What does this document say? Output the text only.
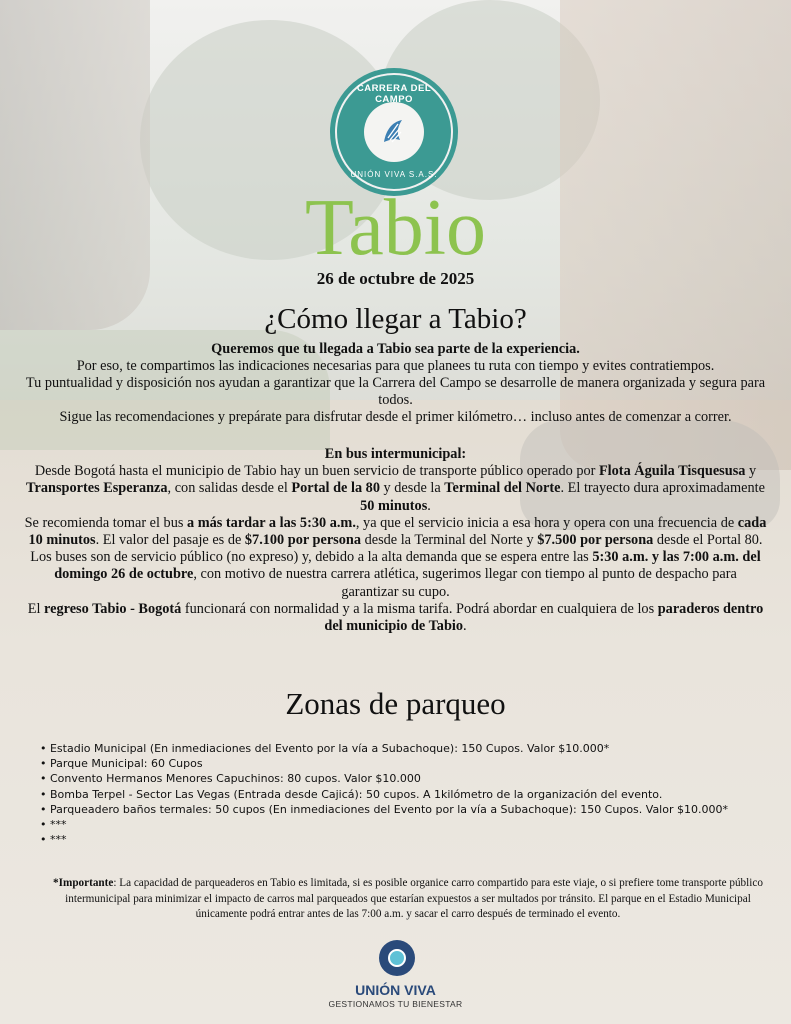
CARRERA DEL CAMPO
UNIÓN VIVA S.A.S.
Tabio
26 de octubre de 2025
¿Cómo llegar a Tabio?

Queremos que tu llegada a Tabio sea parte de la experiencia.

Por eso, te compartimos las indicaciones necesarias para que planees tu ruta con tiempo y evites contratiempos.

Tu puntualidad y disposición nos ayudan a garantizar que la Carrera del Campo se desarrolle de manera organizada y segura para todos.

Sigue las recomendaciones y prepárate para disfrutar desde el primer kilómetro… incluso antes de comenzar a correr.

En bus intermunicipal:

Desde Bogotá hasta el municipio de Tabio hay un buen servicio de transporte público operado por Flota Águila Tisquesusa y Transportes Esperanza, con salidas desde el Portal de la 80 y desde la Terminal del Norte. El trayecto dura aproximadamente 50 minutos.

Se recomienda tomar el bus a más tardar a las 5:30 a.m., ya que el servicio inicia a esa hora y opera con una frecuencia de cada 10 minutos. El valor del pasaje es de $7.100 por persona desde la Terminal del Norte y $7.500 por persona desde el Portal 80.

Los buses son de servicio público (no expreso) y, debido a la alta demanda que se espera entre las 5:30 a.m. y las 7:00 a.m. del domingo 26 de octubre, con motivo de nuestra carrera atlética, sugerimos llegar con tiempo al punto de despacho para garantizar su cupo.

El regreso Tabio - Bogotá funcionará con normalidad y a la misma tarifa. Podrá abordar en cualquiera de los paraderos dentro del municipio de Tabio.

Zonas de parqueo
• Estadio Municipal (En inmediaciones del Evento por la vía a Subachoque): 150 Cupos. Valor $10.000*
• Parque Municipal: 60 Cupos
• Convento Hermanos Menores Capuchinos: 80 cupos. Valor $10.000
• Bomba Terpel - Sector Las Vegas (Entrada desde Cajicá): 50 cupos. A 1kilómetro de la organización del evento.
• Parqueadero baños termales: 50 cupos (En inmediaciones del Evento por la vía a Subachoque): 150 Cupos. Valor $10.000*
• ***
• ***
*Importante: La capacidad de parqueaderos en Tabio es limitada, si es posible organice carro compartido para este viaje, o si prefiere tome transporte público intermunicipal para minimizar el impacto de carros mal parqueados que estarían expuestos a ser multados por tránsito. El parque en el Estadio Municipal únicamente podrá entrar antes de las 7:00 a.m. y sacar el carro después de terminado el evento.
UNIÓN VIVA
GESTIONAMOS TU BIENESTAR
